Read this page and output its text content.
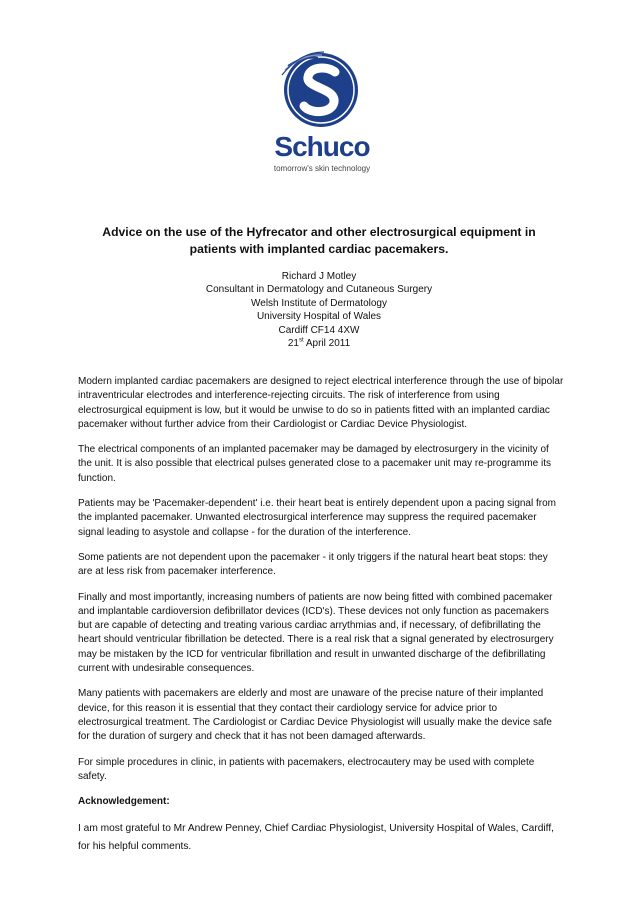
Schuco
tomorrow's skin technology
Advice on the use of the Hyfrecator and other electrosurgical equipment in patients with implanted cardiac pacemakers.
Richard J Motley
Consultant in Dermatology and Cutaneous Surgery
Welsh Institute of Dermatology
University Hospital of Wales
Cardiff CF14 4XW
21st April 2011

Modern implanted cardiac pacemakers are designed to reject electrical interference through the use of bipolar intraventricular electrodes and interference-rejecting circuits. The risk of interference from using electrosurgical equipment is low, but it would be unwise to do so in patients fitted with an implanted cardiac pacemaker without further advice from their Cardiologist or Cardiac Device Physiologist.

The electrical components of an implanted pacemaker may be damaged by electrosurgery in the vicinity of the unit. It is also possible that electrical pulses generated close to a pacemaker unit may re-programme its function.

Patients may be 'Pacemaker-dependent' i.e. their heart beat is entirely dependent upon a pacing signal from the implanted pacemaker. Unwanted electrosurgical interference may suppress the required pacemaker signal leading to asystole and collapse - for the duration of the interference.

Some patients are not dependent upon the pacemaker - it only triggers if the natural heart beat stops: they are at less risk from pacemaker interference.

Finally and most importantly, increasing numbers of patients are now being fitted with combined pacemaker and implantable cardioversion defibrillator devices (ICD's). These devices not only function as pacemakers but are capable of detecting and treating various cardiac arrythmias and, if necessary, of defibrillating the heart should ventricular fibrillation be detected. There is a real risk that a signal generated by electrosurgery may be mistaken by the ICD for ventricular fibrillation and result in unwanted discharge of the defibrillating current with undesirable consequences.

Many patients with pacemakers are elderly and most are unaware of the precise nature of their implanted device, for this reason it is essential that they contact their cardiology service for advice prior to electrosurgical treatment. The Cardiologist or Cardiac Device Physiologist will usually make the device safe for the duration of surgery and check that it has not been damaged afterwards.

For simple procedures in clinic, in patients with pacemakers, electrocautery may be used with complete safety.

Acknowledgement:

I am most grateful to Mr Andrew Penney, Chief Cardiac Physiologist, University Hospital of Wales, Cardiff, for his helpful comments.
